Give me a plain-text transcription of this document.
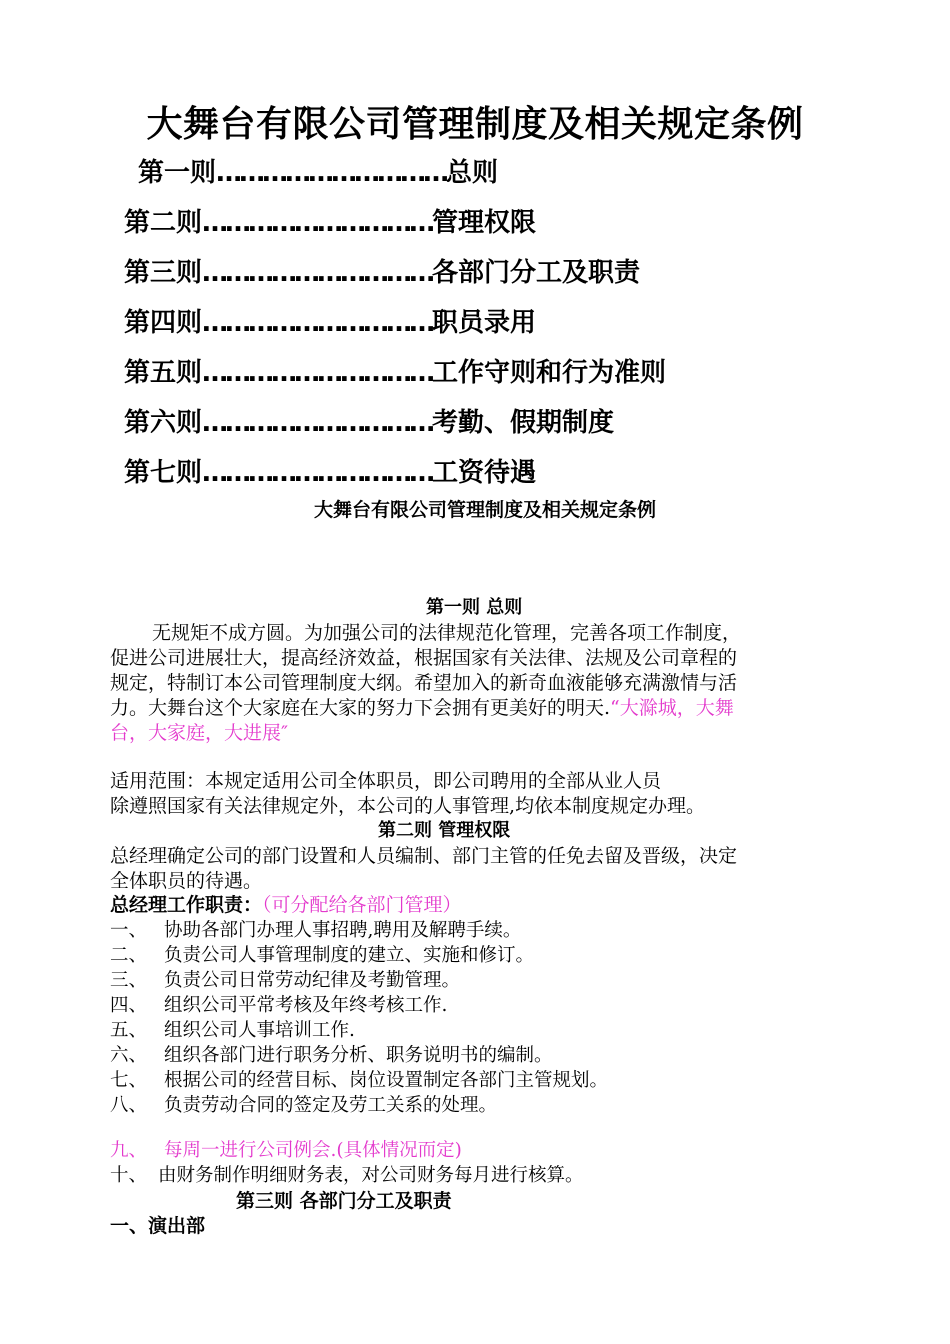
大舞台有限公司管理制度及相关规定条例
第一则…………………………总则
第二则…………………………管理权限
第三则…………………………各部门分工及职责
第四则…………………………职员录用
第五则…………………………工作守则和行为准则
第六则…………………………考勤、假期制度
第七则…………………………工资待遇
大舞台有限公司管理制度及相关规定条例
第一则 总则
无规矩不成方圆。为加强公司的法律规范化管理，完善各项工作制度，
促进公司进展壮大，提高经济效益，根据国家有关法律、法规及公司章程的
规定，特制订本公司管理制度大纲。希望加入的新奇血液能够充满激情与活
力。大舞台这个大家庭在大家的努力下会拥有更美好的明天.“大滁城，大舞
台，大家庭，大进展″
适用范围：本规定适用公司全体职员，即公司聘用的全部从业人员
除遵照国家有关法律规定外，本公司的人事管理,均依本制度规定办理。
第二则 管理权限
总经理确定公司的部门设置和人员编制、部门主管的任免去留及晋级，决定
全体职员的待遇。
总经理工作职责：（可分配给各部门管理）
一、 协助各部门办理人事招聘,聘用及解聘手续。
二、 负责公司人事管理制度的建立、实施和修订。
三、 负责公司日常劳动纪律及考勤管理。
四、 组织公司平常考核及年终考核工作.
五、 组织公司人事培训工作.
六、 组织各部门进行职务分析、职务说明书的编制。
七、 根据公司的经营目标、岗位设置制定各部门主管规划。
八、 负责劳动合同的签定及劳工关系的处理。
九、 每周一进行公司例会.(具体情况而定)
十、 由财务制作明细财务表，对公司财务每月进行核算。
第三则 各部门分工及职责
一、演出部
